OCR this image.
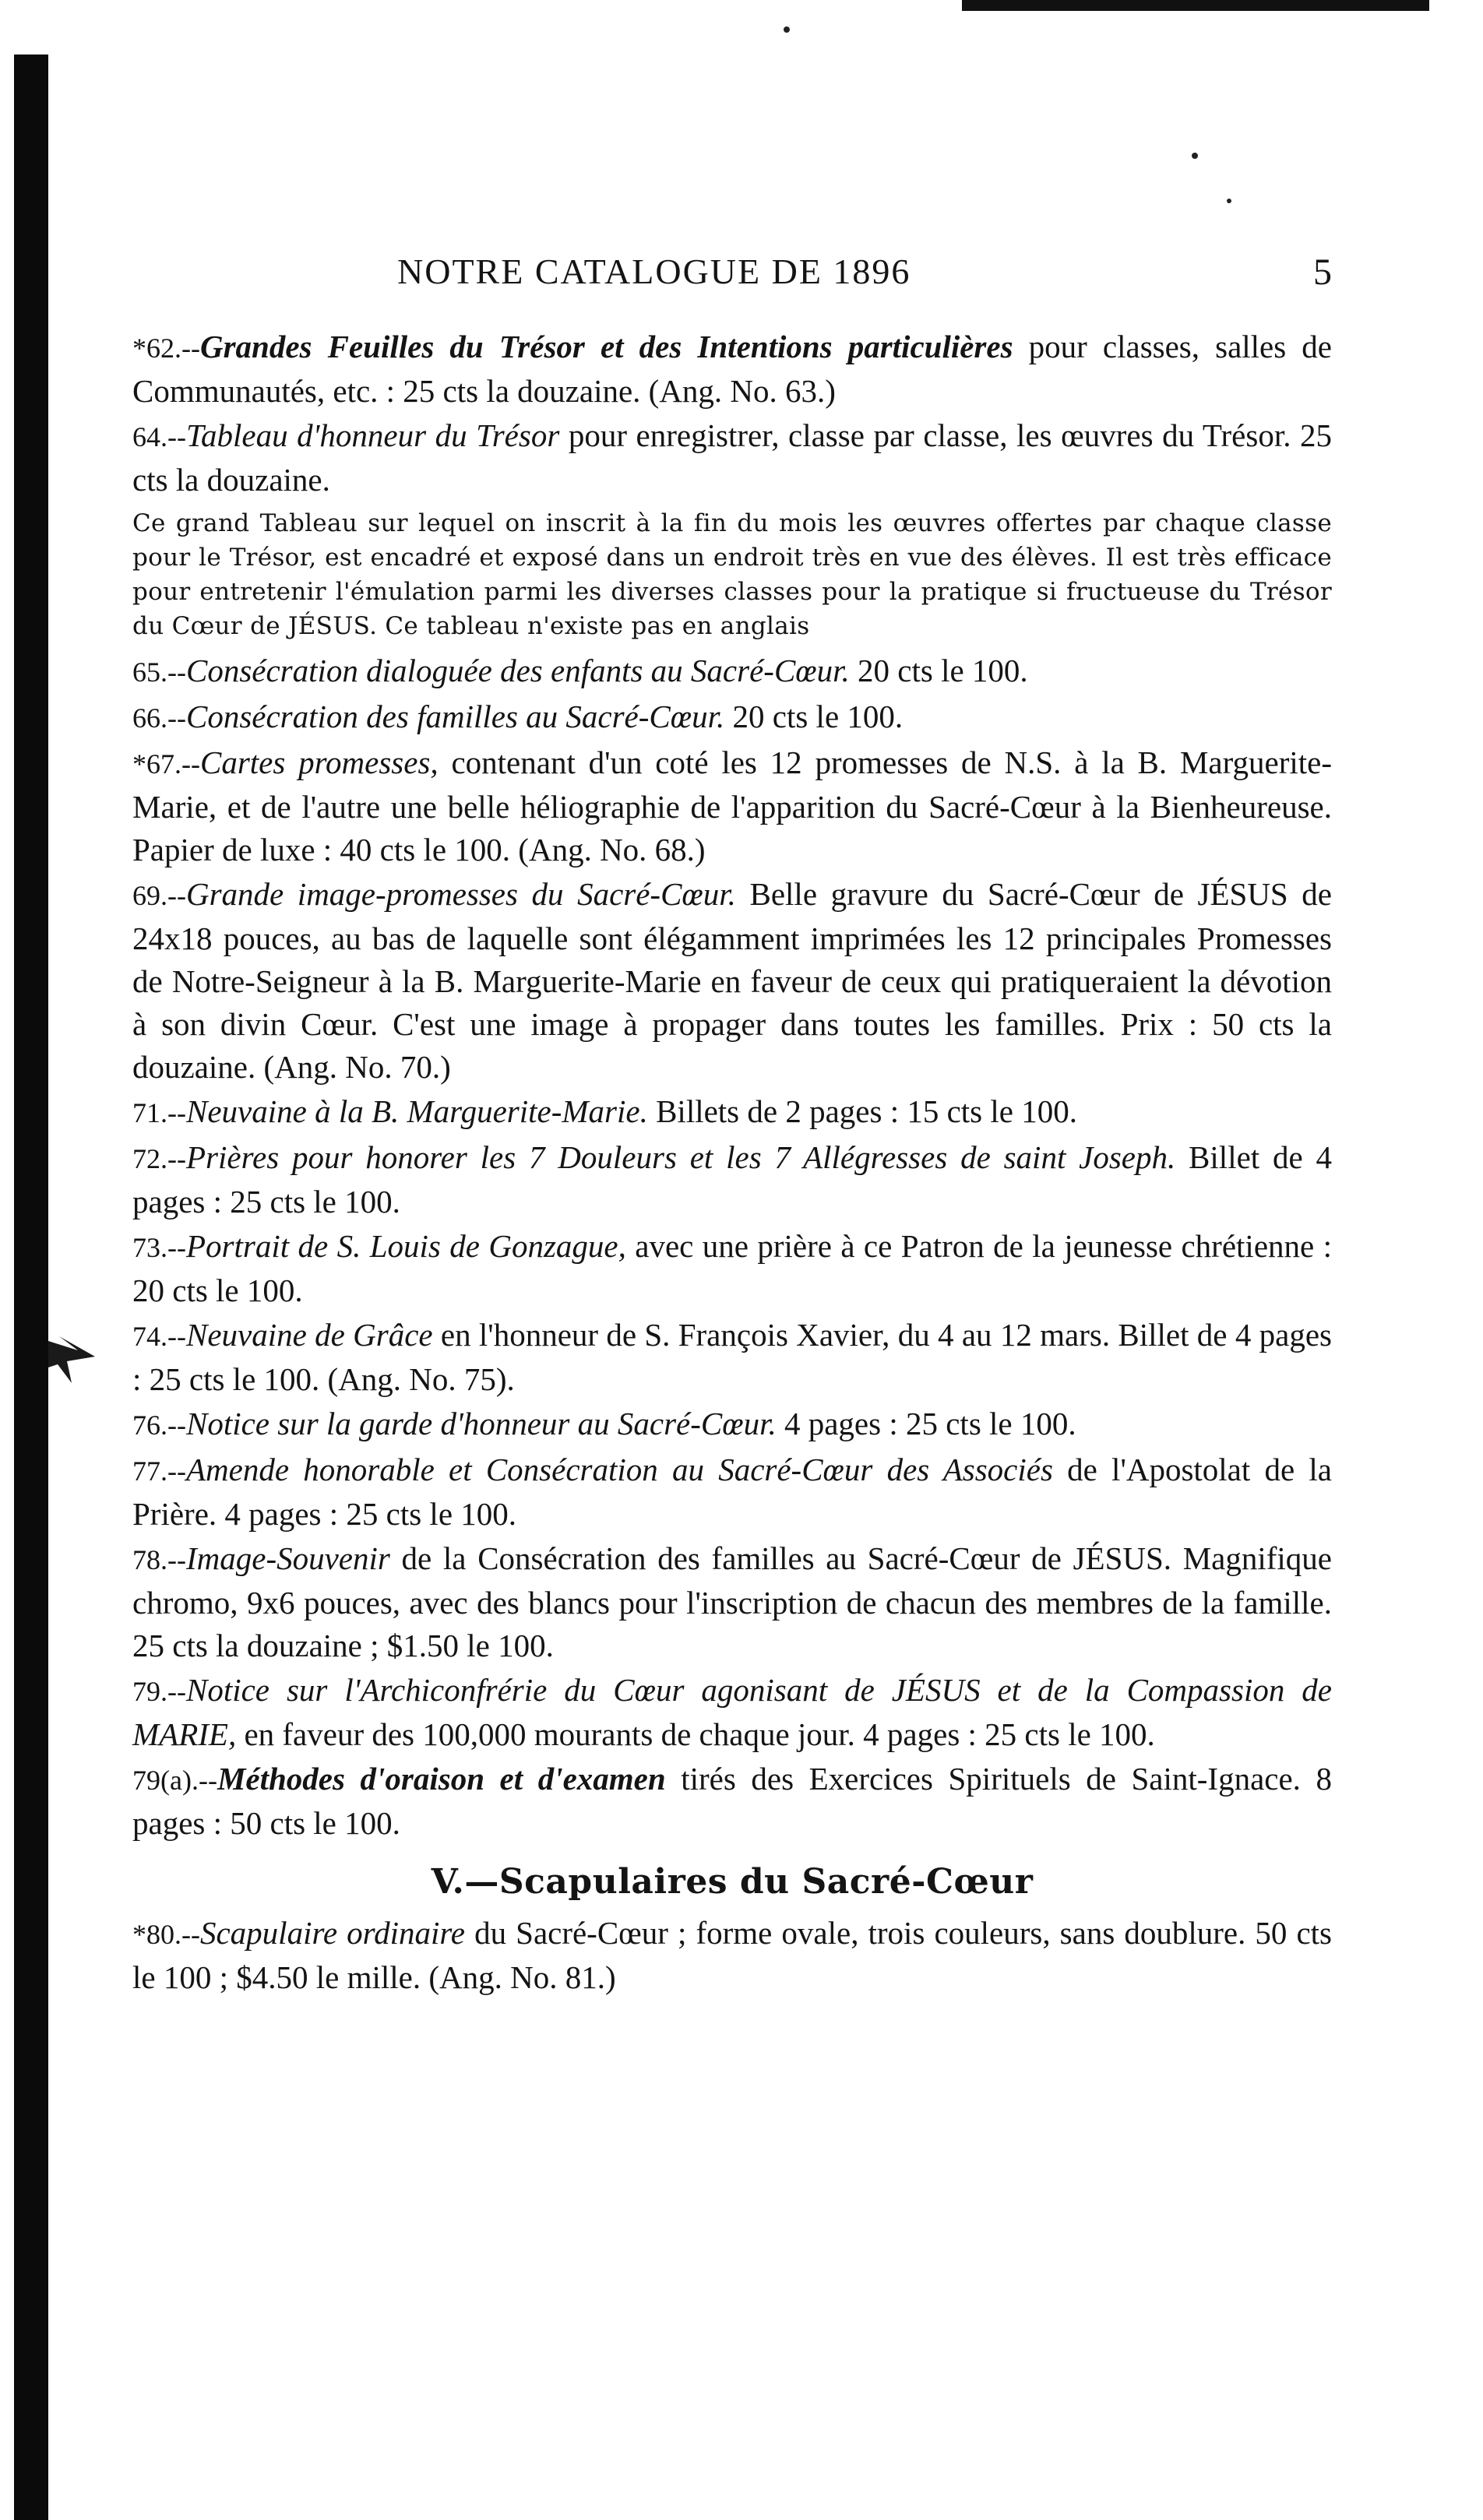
NOTRE CATALOGUE DE 1896	5

*62.--Grandes Feuilles du Trésor et des Intentions particulières pour classes, salles de Communautés, etc. : 25 cts la douzaine. (Ang. No. 63.)

64.--Tableau d'honneur du Trésor pour enregistrer, classe par classe, les œuvres du Trésor. 25 cts la douzaine.

Ce grand Tableau sur lequel on inscrit à la fin du mois les œuvres offertes par chaque classe pour le Trésor, est encadré et exposé dans un endroit très en vue des élèves. Il est très efficace pour entretenir l'émulation parmi les diverses classes pour la pratique si fructueuse du Trésor du Cœur de JÉSUS. Ce tableau n'existe pas en anglais

65.--Consécration dialoguée des enfants au Sacré-Cœur. 20 cts le 100.

66.--Consécration des familles au Sacré-Cœur. 20 cts le 100.

*67.--Cartes promesses, contenant d'un coté les 12 promesses de N.S. à la B. Marguerite-Marie, et de l'autre une belle héliographie de l'apparition du Sacré-Cœur à la Bienheureuse. Papier de luxe : 40 cts le 100. (Ang. No. 68.)

69.--Grande image-promesses du Sacré-Cœur. Belle gravure du Sacré-Cœur de JÉSUS de 24x18 pouces, au bas de laquelle sont élégamment imprimées les 12 principales Promesses de Notre-Seigneur à la B. Marguerite-Marie en faveur de ceux qui pratiqueraient la dévotion à son divin Cœur. C'est une image à propager dans toutes les familles. Prix : 50 cts la douzaine. (Ang. No. 70.)

71.--Neuvaine à la B. Marguerite-Marie. Billets de 2 pages : 15 cts le 100.

72.--Prières pour honorer les 7 Douleurs et les 7 Allégresses de saint Joseph. Billet de 4 pages : 25 cts le 100.

73.--Portrait de S. Louis de Gonzague, avec une prière à ce Patron de la jeunesse chrétienne : 20 cts le 100.

74.--Neuvaine de Grâce en l'honneur de S. François Xavier, du 4 au 12 mars. Billet de 4 pages : 25 cts le 100. (Ang. No. 75).

76.--Notice sur la garde d'honneur au Sacré-Cœur. 4 pages : 25 cts le 100.

77.--Amende honorable et Consécration au Sacré-Cœur des Associés de l'Apostolat de la Prière. 4 pages : 25 cts le 100.

78.--Image-Souvenir de la Consécration des familles au Sacré-Cœur de JÉSUS. Magnifique chromo, 9x6 pouces, avec des blancs pour l'inscription de chacun des membres de la famille. 25 cts la douzaine ; $1.50 le 100.

79.--Notice sur l'Archiconfrérie du Cœur agonisant de JÉSUS et de la Compassion de MARIE, en faveur des 100,000 mourants de chaque jour. 4 pages : 25 cts le 100.

79(a).--Méthodes d'oraison et d'examen tirés des Exercices Spirituels de Saint-Ignace. 8 pages : 50 cts le 100.

V.—Scapulaires du Sacré-Cœur

*80.--Scapulaire ordinaire du Sacré-Cœur ; forme ovale, trois couleurs, sans doublure. 50 cts le 100 ; $4.50 le mille. (Ang. No. 81.)
